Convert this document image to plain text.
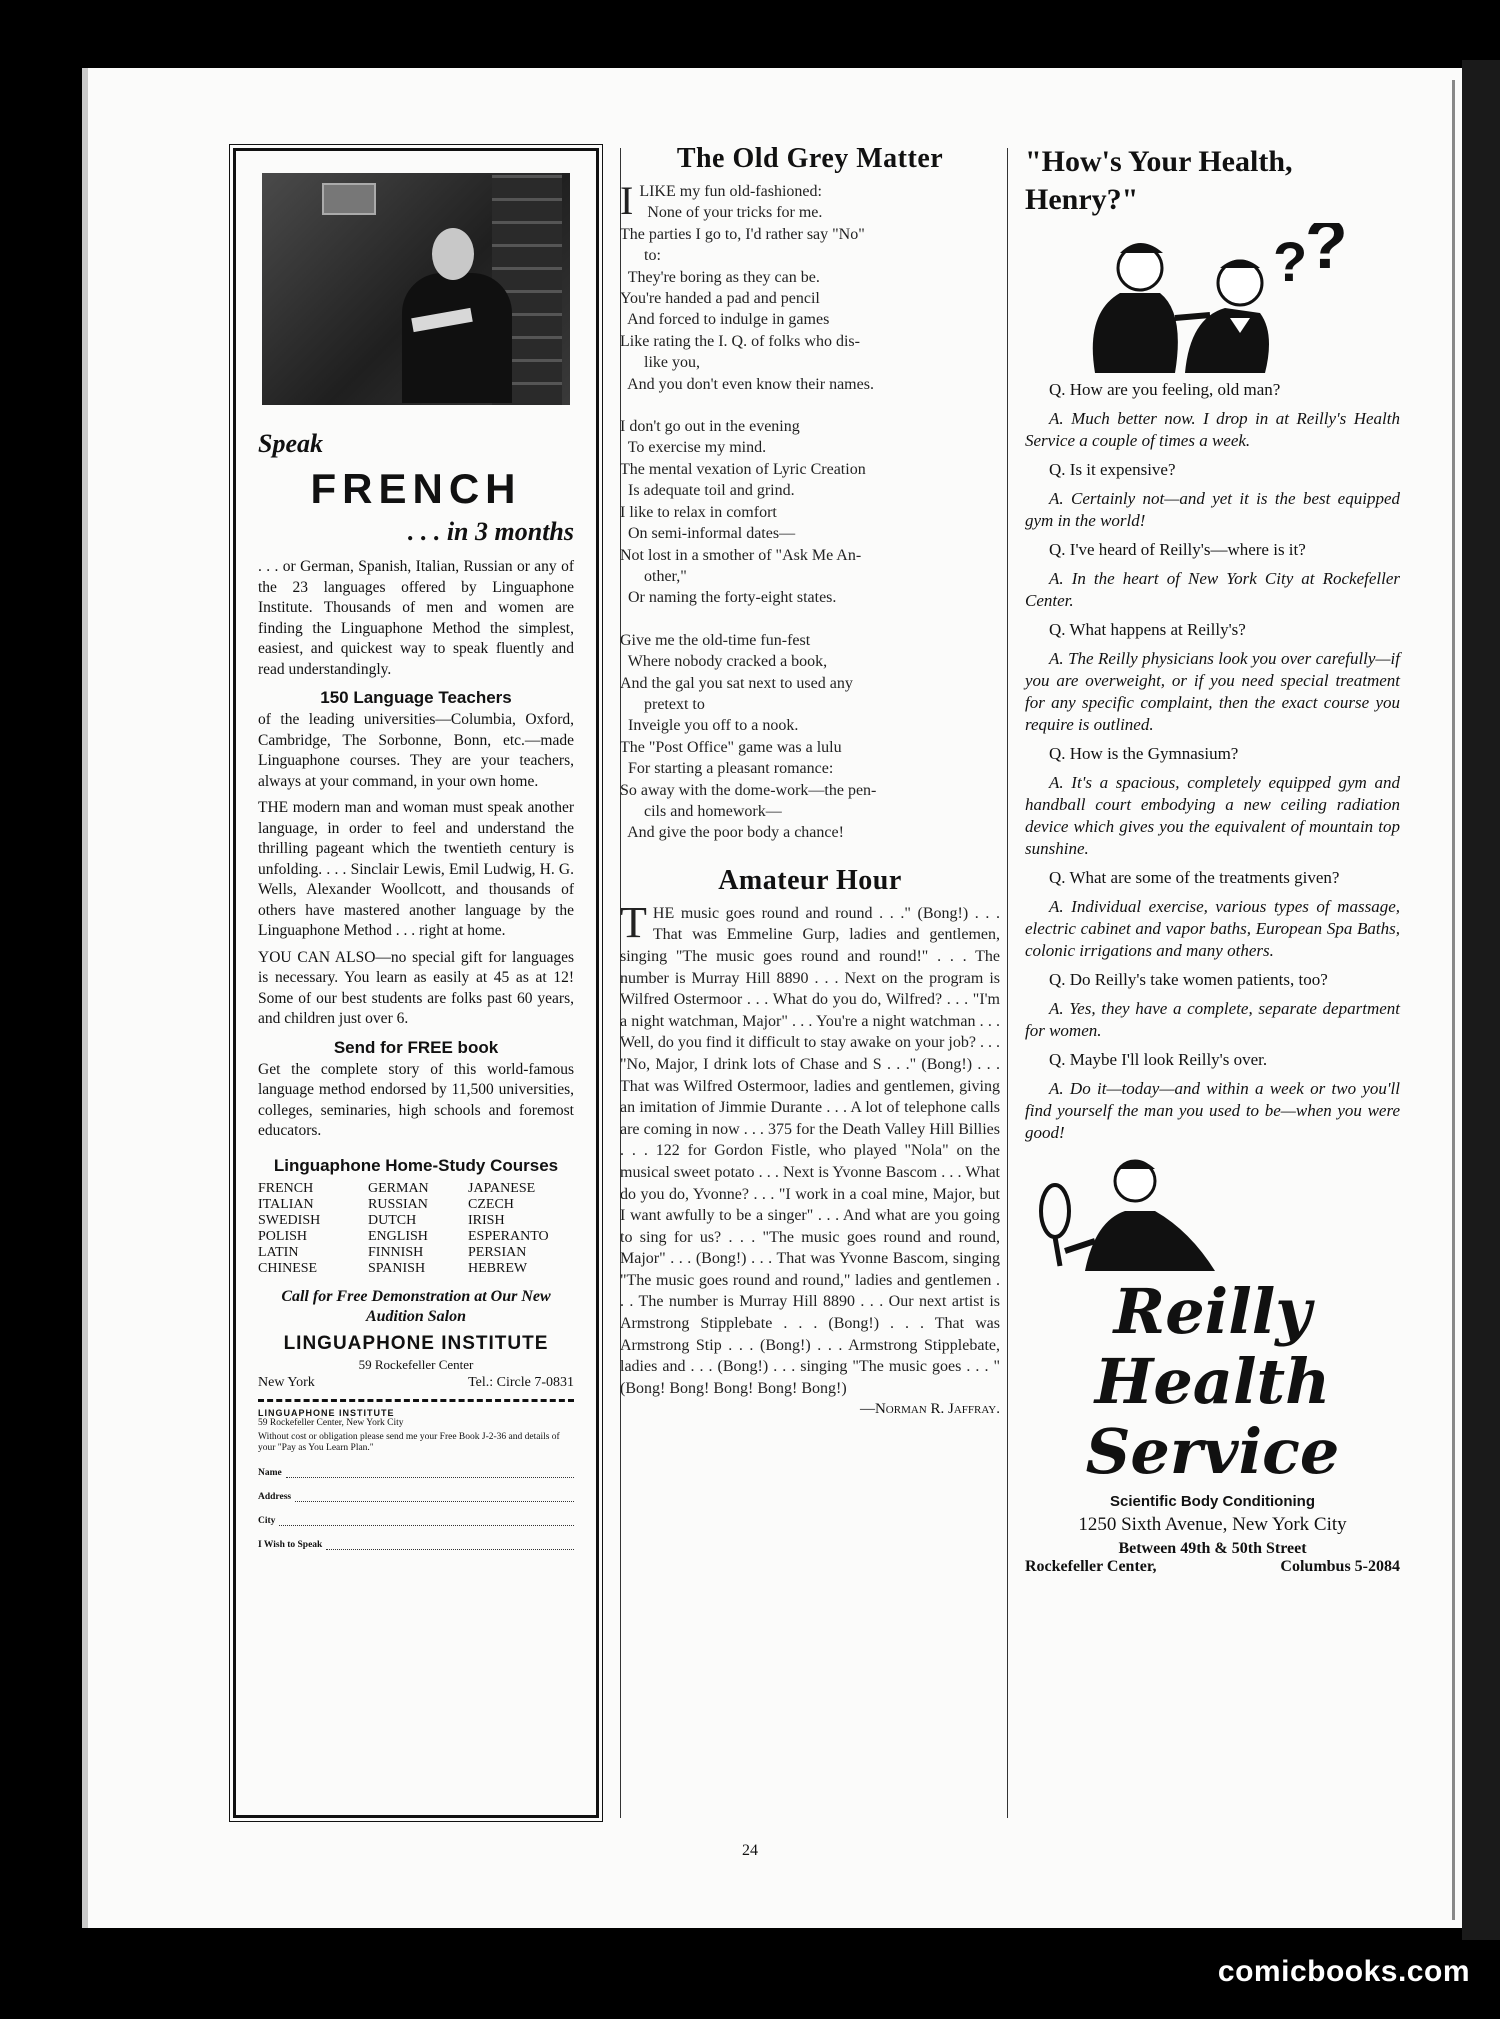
Speak
FRENCH
. . . in 3 months

. . . or German, Spanish, Italian, Russian or any of the 23 languages offered by Linguaphone Institute. Thousands of men and women are finding the Linguaphone Method the simplest, easiest, and quickest way to speak fluently and read understandingly.

150 Language Teachers

of the leading universities—Columbia, Oxford, Cambridge, The Sorbonne, Bonn, etc.—made Linguaphone courses. They are your teachers, always at your command, in your own home.

THE modern man and woman must speak another language, in order to feel and understand the thrilling pageant which the twentieth century is unfolding. . . . Sinclair Lewis, Emil Ludwig, H. G. Wells, Alexander Woollcott, and thousands of others have mastered another language by the Linguaphone Method . . . right at home.

YOU CAN ALSO—no special gift for languages is necessary. You learn as easily at 45 as at 12! Some of our best students are folks past 60 years, and children just over 6.

Send for FREE book

Get the complete story of this world-famous language method endorsed by 11,500 universities, colleges, seminaries, high schools and foremost educators.

Linguaphone Home-Study Courses
FRENCH	GERMAN	JAPANESE
ITALIAN	RUSSIAN	CZECH
SWEDISH	DUTCH	IRISH
POLISH	ENGLISH	ESPERANTO
LATIN	FINNISH	PERSIAN
CHINESE	SPANISH	HEBREW
Call for Free Demonstration at Our New Audition Salon
LINGUAPHONE INSTITUTE
59 Rockefeller Center
New York	Tel.: Circle 7-0831
LINGUAPHONE INSTITUTE
59 Rockefeller Center, New York City
Without cost or obligation please send me your Free Book J-2-36 and details of your "Pay as You Learn Plan."
Name
Address
City
I Wish to Speak
The Old Grey Matter
ILIKE my fun old-fashioned:
None of your tricks for me.
The parties I go to, I'd rather say "No"
to:
They're boring as they can be.
You're handed a pad and pencil
And forced to indulge in games
Like rating the I. Q. of folks who dis-
like you,
And you don't even know their names.
I don't go out in the evening
To exercise my mind.
The mental vexation of Lyric Creation
Is adequate toil and grind.
I like to relax in comfort
On semi-informal dates—
Not lost in a smother of "Ask Me An-
other,"
Or naming the forty-eight states.
Give me the old-time fun-fest
Where nobody cracked a book,
And the gal you sat next to used any
pretext to
Inveigle you off to a nook.
The "Post Office" game was a lulu
For starting a pleasant romance:
So away with the dome-work—the pen-
cils and homework—
And give the poor body a chance!
Amateur Hour
THE music goes round and round . . ." (Bong!) . . . That was Emmeline Gurp, ladies and gentlemen, singing "The music goes round and round!" . . . The number is Murray Hill 8890 . . . Next on the program is Wilfred Ostermoor . . . What do you do, Wilfred? . . . "I'm a night watchman, Major" . . . You're a night watchman . . . Well, do you find it difficult to stay awake on your job? . . . "No, Major, I drink lots of Chase and S . . ." (Bong!) . . . That was Wilfred Ostermoor, ladies and gentlemen, giving an imitation of Jimmie Durante . . . A lot of telephone calls are coming in now . . . 375 for the Death Valley Hill Billies . . . 122 for Gordon Fistle, who played "Nola" on the musical sweet potato . . . Next is Yvonne Bascom . . . What do you do, Yvonne? . . . "I work in a coal mine, Major, but I want awfully to be a singer" . . . And what are you going to sing for us? . . . "The music goes round and round, Major" . . . (Bong!) . . . That was Yvonne Bascom, singing "The music goes round and round," ladies and gentlemen . . . The number is Murray Hill 8890 . . . Our next artist is Armstrong Stipplebate . . . (Bong!) . . . That was Armstrong Stip . . . (Bong!) . . . Armstrong Stipplebate, ladies and . . . (Bong!) . . . singing "The music goes . . . " (Bong! Bong! Bong! Bong! Bong!)
—Norman R. Jaffray.
"How's Your Health, Henry?"
?
?

Q. How are you feeling, old man?

A. Much better now. I drop in at Reilly's Health Service a couple of times a week.

Q. Is it expensive?

A. Certainly not—and yet it is the best equipped gym in the world!

Q. I've heard of Reilly's—where is it?

A. In the heart of New York City at Rockefeller Center.

Q. What happens at Reilly's?

A. The Reilly physicians look you over carefully—if you are overweight, or if you need special treatment for any specific complaint, then the exact course you require is outlined.

Q. How is the Gymnasium?

A. It's a spacious, completely equipped gym and handball court embodying a new ceiling radiation device which gives you the equivalent of mountain top sunshine.

Q. What are some of the treatments given?

A. Individual exercise, various types of massage, electric cabinet and vapor baths, European Spa Baths, colonic irrigations and many others.

Q. Do Reilly's take women patients, too?

A. Yes, they have a complete, separate department for women.

Q. Maybe I'll look Reilly's over.

A. Do it—today—and within a week or two you'll find yourself the man you used to be—when you were good!

Reilly
Health
Service
Scientific Body Conditioning
1250 Sixth Avenue, New York City
Between 49th & 50th Street
Rockefeller Center,	Columbus 5-2084
24
comicbooks.com
